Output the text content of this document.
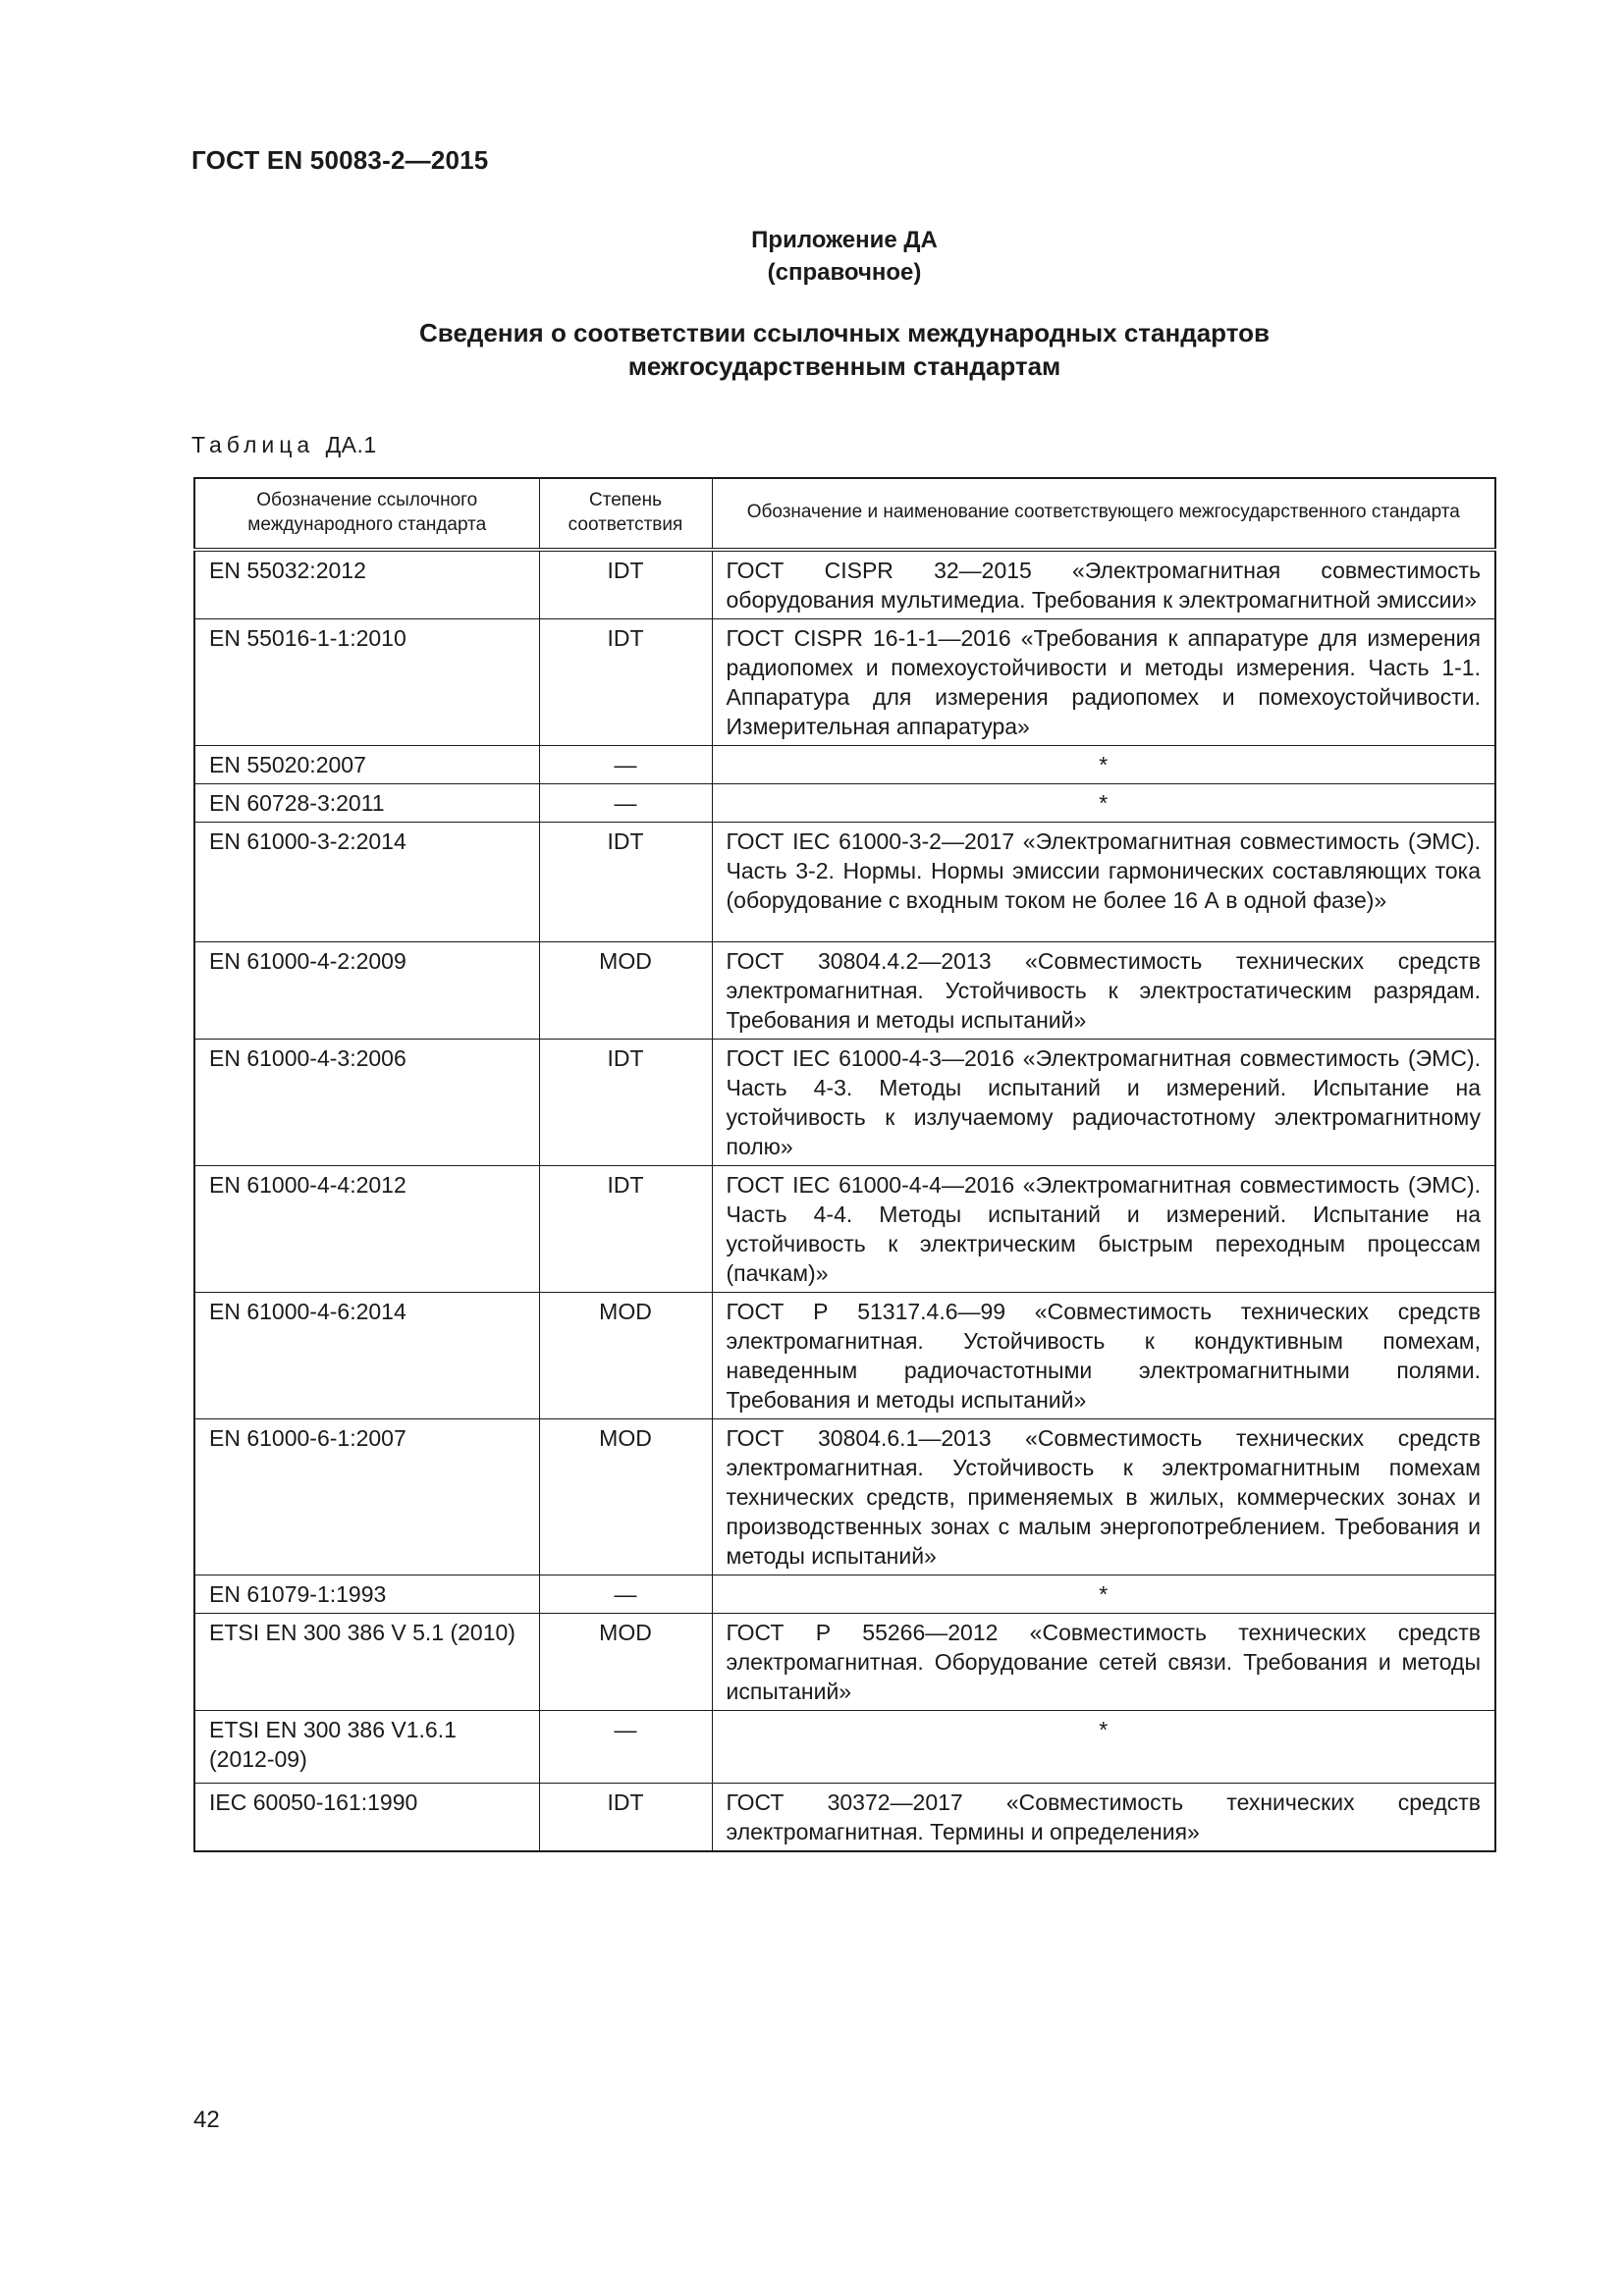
ГОСТ EN 50083-2—2015
Приложение ДА
(справочное)
Сведения о соответствии ссылочных международных стандартов
межгосударственным стандартам
Таблица ДА.1
Обозначение ссылочного международного стандарта	Степень соответствия	Обозначение и наименование соответствующего межгосударственного стандарта
EN 55032:2012	IDT	ГОСТ CISPR 32—2015 «Электромагнитная совместимость оборудования мультимедиа. Требования к электромагнитной эмиссии»
EN 55016-1-1:2010	IDT	ГОСТ CISPR 16-1-1—2016 «Требования к аппаратуре для измерения радиопомех и помехоустойчивости и методы измерения. Часть 1-1. Аппаратура для измерения радиопомех и помехоустойчивости. Измерительная аппаратура»
EN 55020:2007	—	*
EN 60728-3:2011	—	*
EN 61000-3-2:2014	IDT	ГОСТ IEC 61000-3-2—2017 «Электромагнитная совместимость (ЭМС). Часть 3-2. Нормы. Нормы эмиссии гармонических составляющих тока (оборудование с входным током не более 16 А в одной фазе)»
EN 61000-4-2:2009	MOD	ГОСТ 30804.4.2—2013 «Совместимость технических средств электромагнитная. Устойчивость к электростатическим разрядам. Требования и методы испытаний»
EN 61000-4-3:2006	IDT	ГОСТ IEC 61000-4-3—2016 «Электромагнитная совместимость (ЭМС). Часть 4-3. Методы испытаний и измерений. Испытание на устойчивость к излучаемому радиочастотному электромагнитному полю»
EN 61000-4-4:2012	IDT	ГОСТ IEC 61000-4-4—2016 «Электромагнитная совместимость (ЭМС). Часть 4-4. Методы испытаний и измерений. Испытание на устойчивость к электрическим быстрым переходным процессам (пачкам)»
EN 61000-4-6:2014	MOD	ГОСТ Р 51317.4.6—99 «Совместимость технических средств электромагнитная. Устойчивость к кондуктивным помехам, наведенным радиочастотными электромагнитными полями. Требования и методы испытаний»
EN 61000-6-1:2007	MOD	ГОСТ 30804.6.1—2013 «Совместимость технических средств электромагнитная. Устойчивость к электромагнитным помехам технических средств, применяемых в жилых, коммерческих зонах и производственных зонах с малым энергопотреблением. Требования и методы испытаний»
EN 61079-1:1993	—	*
ETSI EN 300 386 V 5.1 (2010)	MOD	ГОСТ Р 55266—2012 «Совместимость технических средств электромагнитная. Оборудование сетей связи. Требования и методы испытаний»
ETSI EN 300 386 V1.6.1 (2012-09)	—	*
IEC 60050-161:1990	IDT	ГОСТ 30372—2017 «Совместимость технических средств электромагнитная. Термины и определения»
42
